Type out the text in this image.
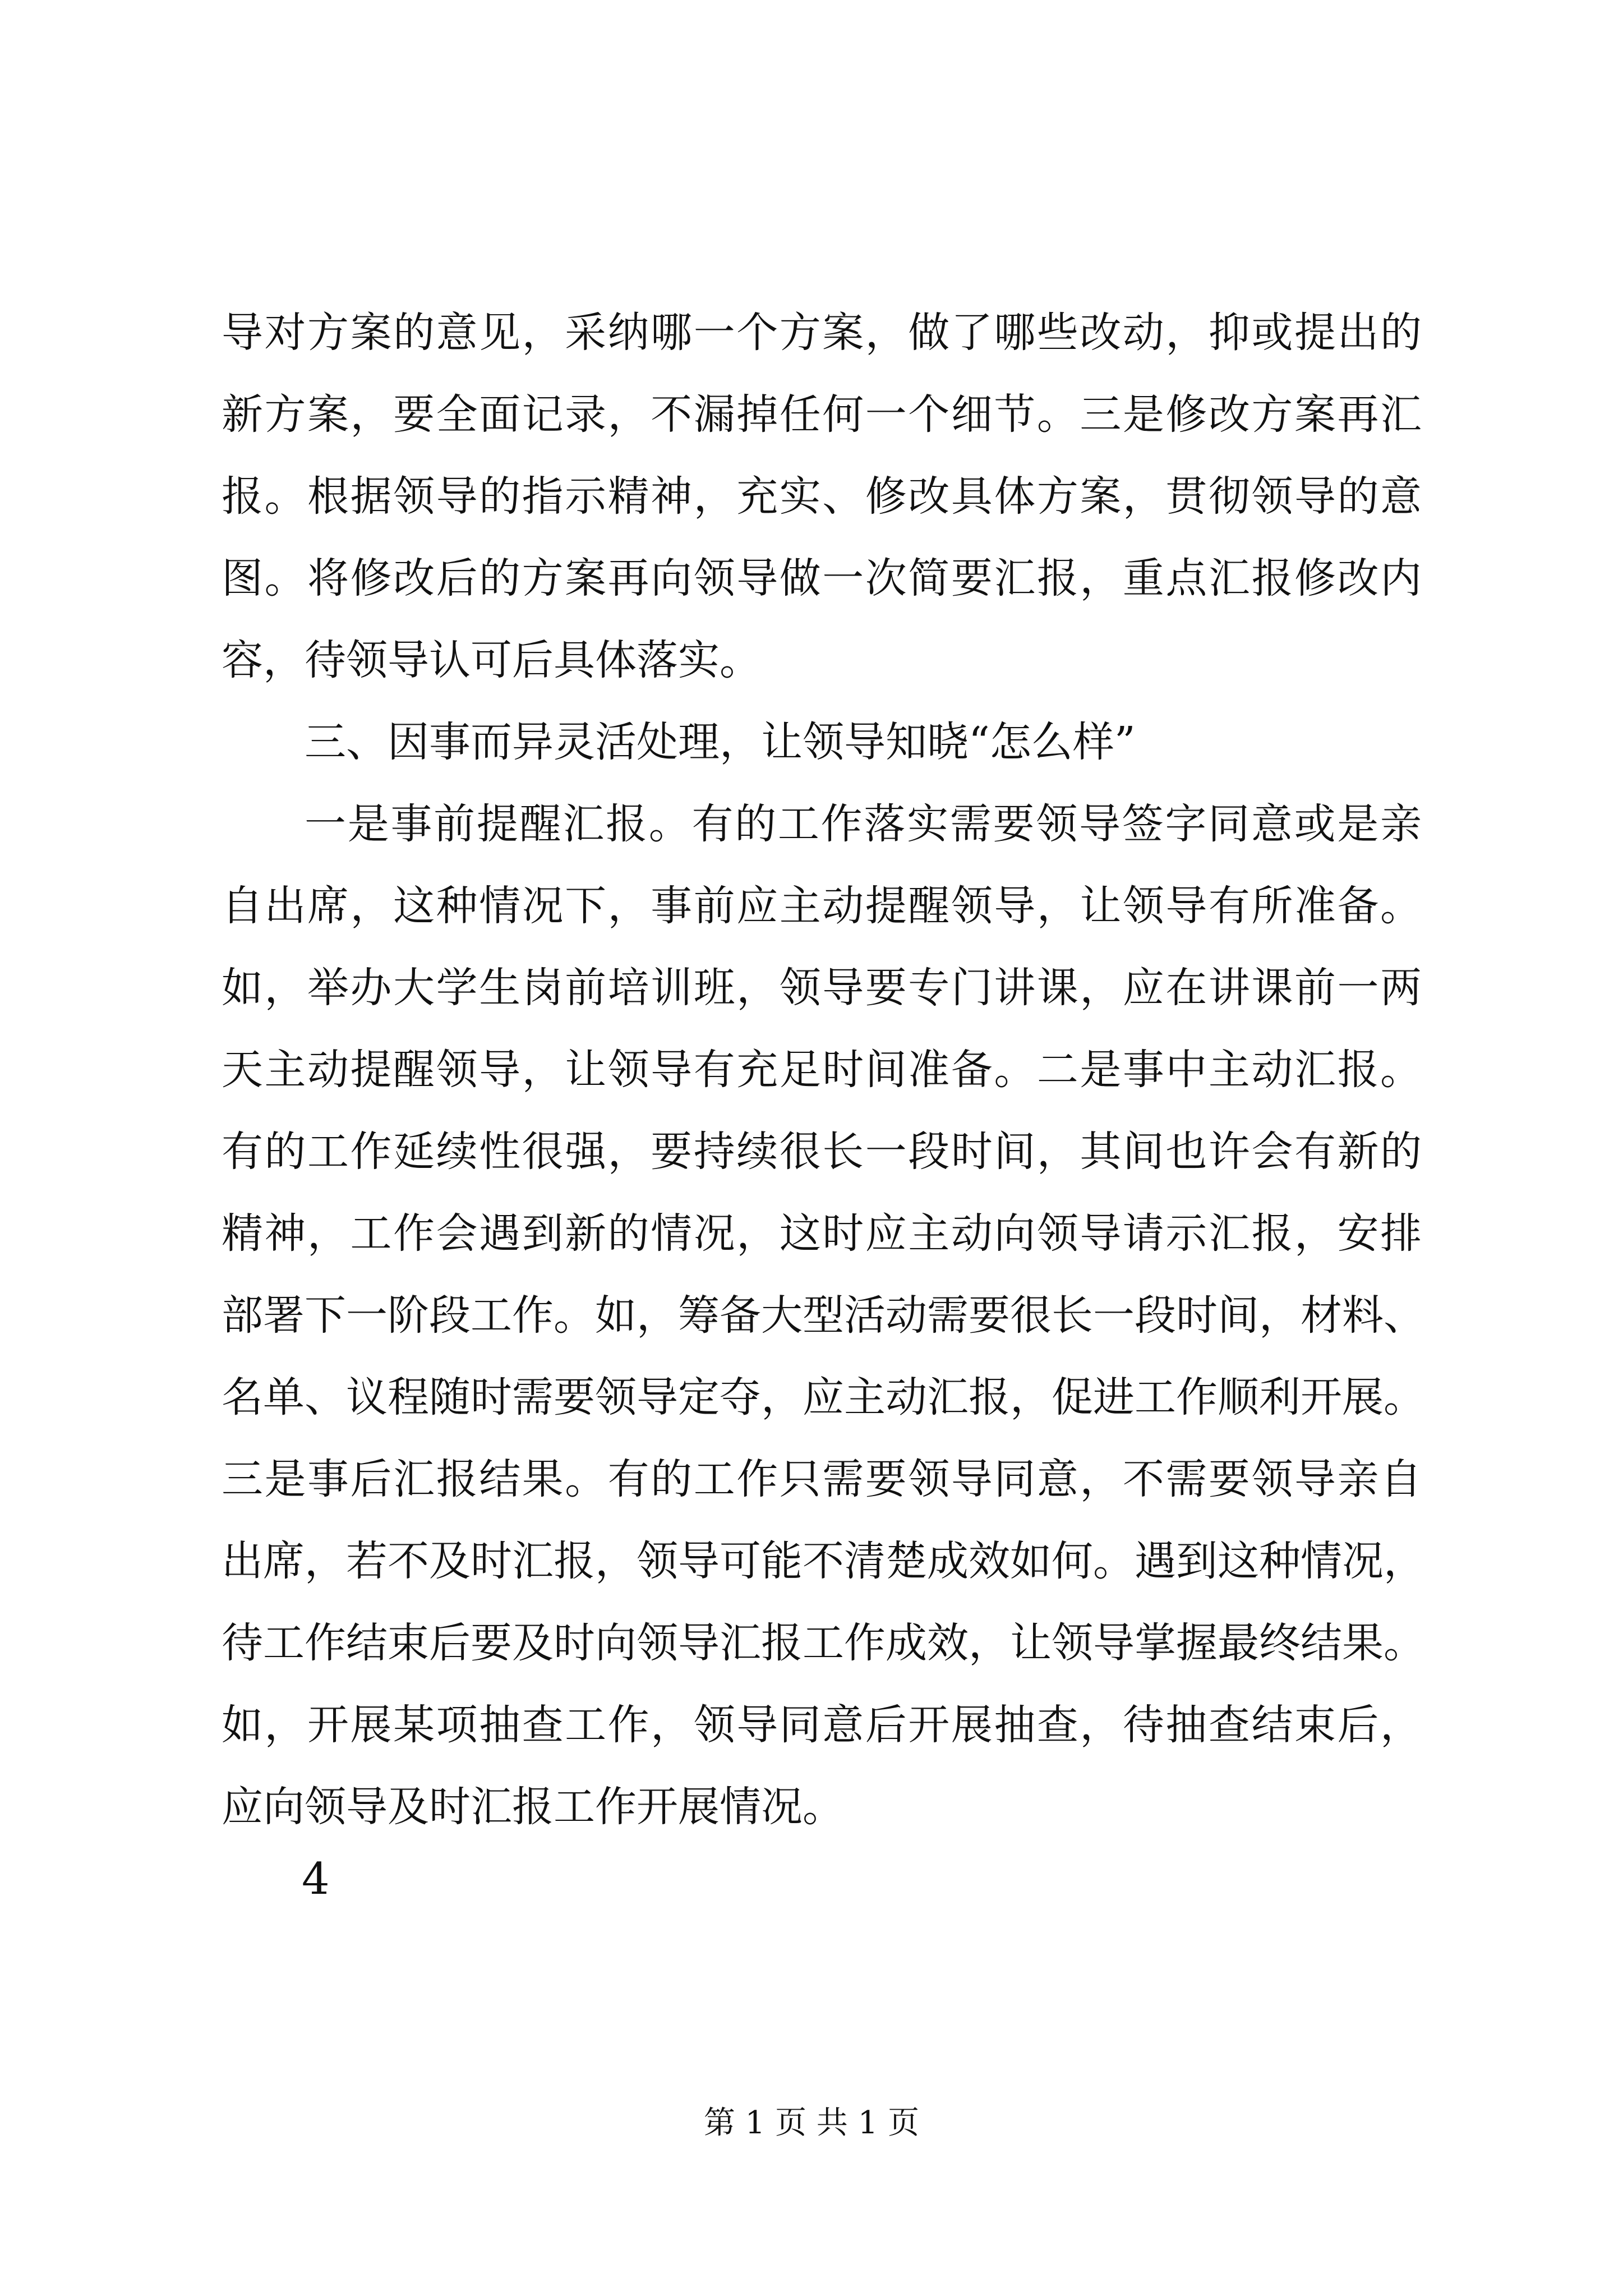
导对方案的意见，采纳哪一个方案，做了哪些改动，抑或提出的
新方案，要全面记录，不漏掉任何一个细节。三是修改方案再汇
报。根据领导的指示精神，充实、修改具体方案，贯彻领导的意
图。将修改后的方案再向领导做一次简要汇报，重点汇报修改内
容，待领导认可后具体落实。
三、因事而异灵活处理，让领导知晓“怎么样”
一是事前提醒汇报。有的工作落实需要领导签字同意或是亲
自出席，这种情况下，事前应主动提醒领导，让领导有所准备。
如，举办大学生岗前培训班，领导要专门讲课，应在讲课前一两
天主动提醒领导，让领导有充足时间准备。二是事中主动汇报。
有的工作延续性很强，要持续很长一段时间，其间也许会有新的
精神，工作会遇到新的情况，这时应主动向领导请示汇报，安排
部署下一阶段工作。如，筹备大型活动需要很长一段时间，材料、
名单、议程随时需要领导定夺，应主动汇报，促进工作顺利开展。
三是事后汇报结果。有的工作只需要领导同意，不需要领导亲自
出席，若不及时汇报，领导可能不清楚成效如何。遇到这种情况，
待工作结束后要及时向领导汇报工作成效，让领导掌握最终结果。
如，开展某项抽查工作，领导同意后开展抽查，待抽查结束后，
应向领导及时汇报工作开展情况。
4
第 1 页 共 1 页
